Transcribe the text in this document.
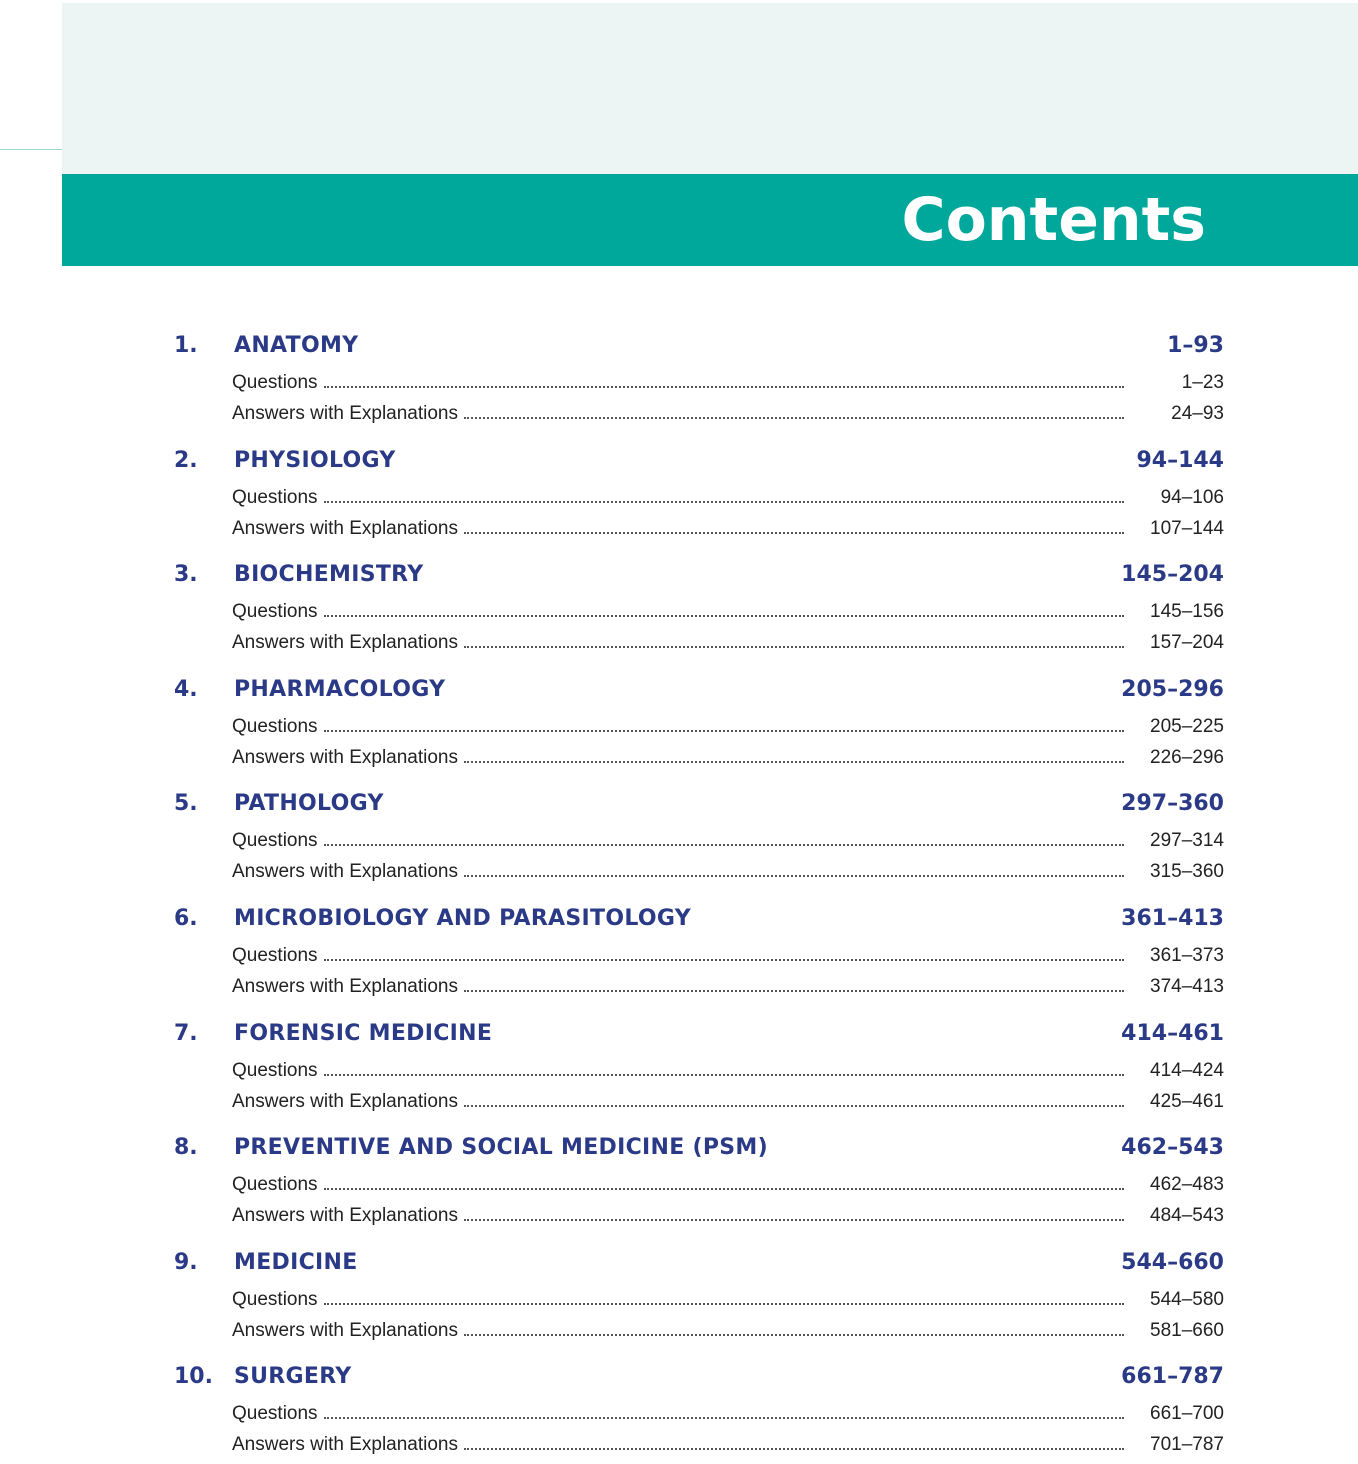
Contents
1. ANATOMY	1–93
Questions	1–23
Answers with Explanations	24–93
2. PHYSIOLOGY	94–144
Questions	94–106
Answers with Explanations	107–144
3. BIOCHEMISTRY	145–204
Questions	145–156
Answers with Explanations	157–204
4. PHARMACOLOGY	205–296
Questions	205–225
Answers with Explanations	226–296
5. PATHOLOGY	297–360
Questions	297–314
Answers with Explanations	315–360
6. MICROBIOLOGY AND PARASITOLOGY	361–413
Questions	361–373
Answers with Explanations	374–413
7. FORENSIC MEDICINE	414–461
Questions	414–424
Answers with Explanations	425–461
8. PREVENTIVE AND SOCIAL MEDICINE (PSM)	462–543
Questions	462–483
Answers with Explanations	484–543
9. MEDICINE	544–660
Questions	544–580
Answers with Explanations	581–660
10. SURGERY	661–787
Questions	661–700
Answers with Explanations	701–787
